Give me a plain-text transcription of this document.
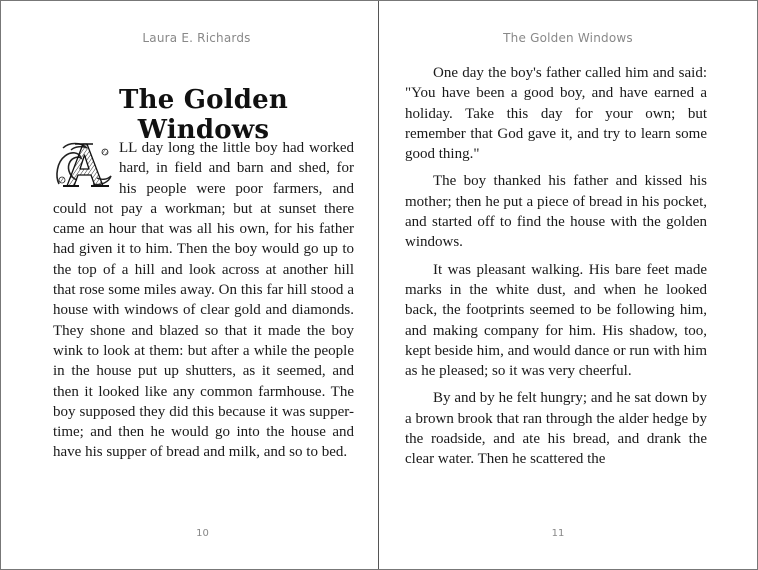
Laura E. Richards
The Golden Windows

LL day long the little boy had worked hard, in field and barn and shed, for his people were poor farmers, and could not pay a workman; but at sunset there came an hour that was all his own, for his father had given it to him. Then the boy would go up to the top of a hill and look across at another hill that rose some miles away. On this far hill stood a house with windows of clear gold and diamonds. They shone and blazed so that it made the boy wink to look at them: but after a while the people in the house put up shutters, as it seemed, and then it looked like any common farmhouse. The boy supposed they did this because it was supper-time; and then he would go into the house and have his supper of bread and milk, and so to bed.

10
The Golden Windows

One day the boy's father called him and said: "You have been a good boy, and have earned a holiday. Take this day for your own; but remember that God gave it, and try to learn some good thing."

The boy thanked his father and kissed his mother; then he put a piece of bread in his pocket, and started off to find the house with the golden windows.

It was pleasant walking. His bare feet made marks in the white dust, and when he looked back, the footprints seemed to be following him, and making company for him. His shadow, too, kept beside him, and would dance or run with him as he pleased; so it was very cheerful.

By and by he felt hungry; and he sat down by a brown brook that ran through the alder hedge by the roadside, and ate his bread, and drank the clear water. Then he scattered the

11
